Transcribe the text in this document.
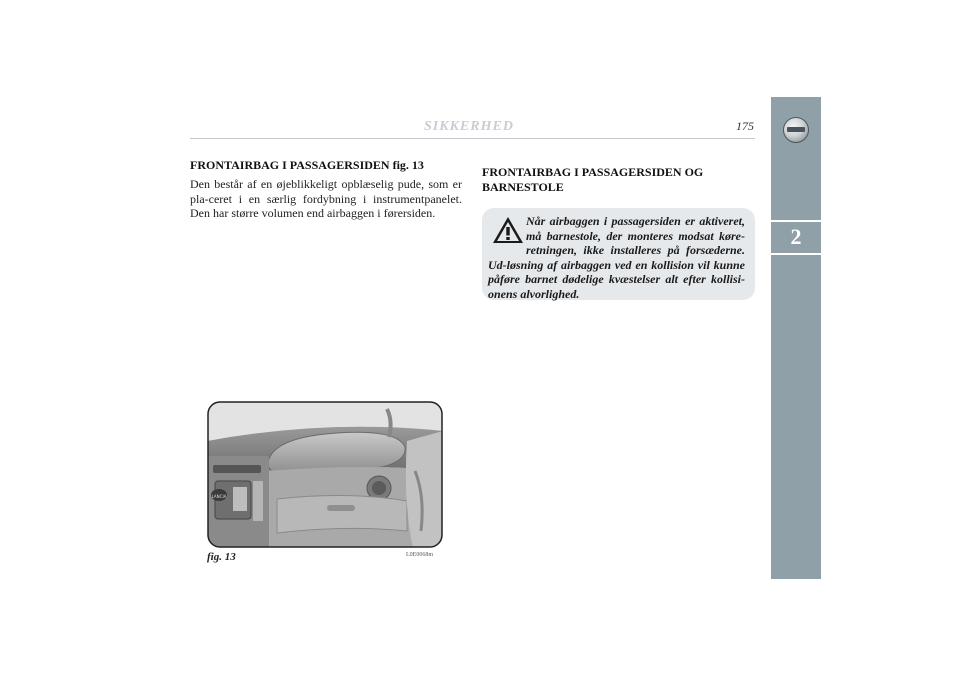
SIKKERHED	175
2
FRONTAIRBAG I PASSAGERSIDEN fig. 13

Den består af en øjeblikkeligt opblæselig pude, som er pla-ceret i en særlig fordybning i instrumentpanelet. Den har større volumen end airbaggen i førersiden.

FRONTAIRBAG I PASSAGERSIDEN OG
BARNESTOLE

Når airbaggen i passagersiden er aktiveret, må barnestole, der monteres modsat køre-retningen, ikke installeres på forsæderne. Ud-løsning af airbaggen ved en kollision vil kunne påføre barnet dødelige kvæstelser alt efter kollisi-onens alvorlighed.

LANCIA
fig. 13	L0E0068m
